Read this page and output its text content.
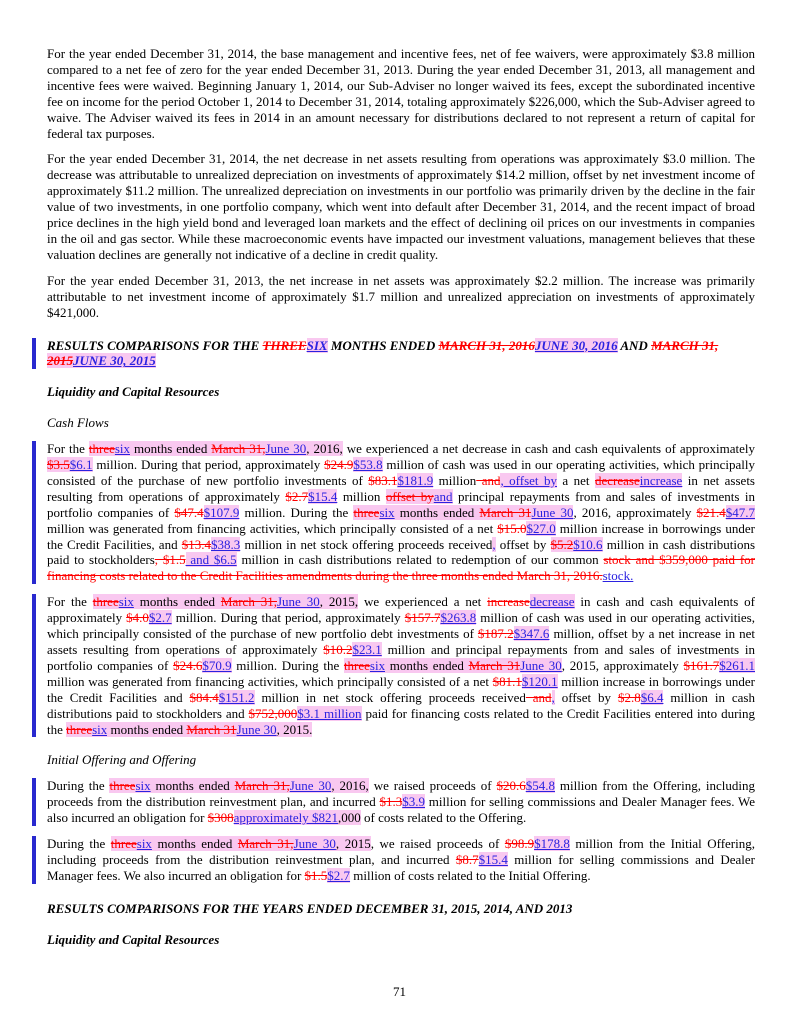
For the year ended December 31, 2014, the base management and incentive fees, net of fee waivers, were approximately $3.8 million compared to a net fee of zero for the year ended December 31, 2013. During the year ended December 31, 2013, all management and incentive fees were waived. Beginning January 1, 2014, our Sub-Adviser no longer waived its fees, except the subordinated incentive fee on income for the period October 1, 2014 to December 31, 2014, totaling approximately $226,000, which the Sub-Adviser agreed to waive. The Adviser waived its fees in 2014 in an amount necessary for distributions declared to not represent a return of capital for federal tax purposes.

For the year ended December 31, 2014, the net decrease in net assets resulting from operations was approximately $3.0 million. The decrease was attributable to unrealized depreciation on investments of approximately $14.2 million, offset by net investment income of approximately $11.2 million. The unrealized depreciation on investments in our portfolio was primarily driven by the decline in the fair value of two investments, in one portfolio company, which went into default after December 31, 2014, and the recent impact of broad price declines in the high yield bond and leveraged loan markets and the effect of declining oil prices on our investments in companies in the oil and gas sector. While these macroeconomic events have impacted our investment valuations, management believes that these valuation declines are generally not indicative of a decline in credit quality.

For the year ended December 31, 2013, the net increase in net assets was approximately $2.2 million. The increase was primarily attributable to net investment income of approximately $1.7 million and unrealized appreciation on investments of approximately $421,000.

RESULTS COMPARISONS FOR THE THREESIX MONTHS ENDED MARCH 31, 2016JUNE 30, 2016 AND MARCH 31, 2015JUNE 30, 2015

Liquidity and Capital Resources

Cash Flows

For the threesix months ended March 31,June 30, 2016, we experienced a net decrease in cash and cash equivalents of approximately $3.5$6.1 million. During that period, approximately $24.9$53.8 million of cash was used in our operating activities, which principally consisted of the purchase of new portfolio investments of $83.1$181.9 million and, offset by a net decreaseincrease in net assets resulting from operations of approximately $2.7$15.4 million offset byand principal repayments from and sales of investments in portfolio companies of $47.4$107.9 million. During the threesix months ended March 31June 30, 2016, approximately $21.4$47.7 million was generated from financing activities, which principally consisted of a net $15.0$27.0 million increase in borrowings under the Credit Facilities, and $13.4$38.3 million in net stock offering proceeds received, offset by $5.2$10.6 million in cash distributions paid to stockholders, $1.5 and $6.5 million in cash distributions related to redemption of our common stock and $359,000 paid for financing costs related to the Credit Facilities amendments during the three months ended March 31, 2016.stock.

For the threesix months ended March 31,June 30, 2015, we experienced a net increasedecrease in cash and cash equivalents of approximately $4.0$2.7 million. During that period, approximately $157.7$263.8 million of cash was used in our operating activities, which principally consisted of the purchase of new portfolio debt investments of $187.2$347.6 million, offset by a net increase in net assets resulting from operations of approximately $10.2$23.1 million and principal repayments from and sales of investments in portfolio companies of $24.6$70.9 million. During the threesix months ended March 31June 30, 2015, approximately $161.7$261.1 million was generated from financing activities, which principally consisted of a net $81.1$120.1 million increase in borrowings under the Credit Facilities and $84.4$151.2 million in net stock offering proceeds received and, offset by $2.8$6.4 million in cash distributions paid to stockholders and $752,000$3.1 million paid for financing costs related to the Credit Facilities entered into during the threesix months ended March 31June 30, 2015.

Initial Offering and Offering

During the threesix months ended March 31,June 30, 2016, we raised proceeds of $20.6$54.8 million from the Offering, including proceeds from the distribution reinvestment plan, and incurred $1.3$3.9 million for selling commissions and Dealer Manager fees. We also incurred an obligation for $308approximately $821,000 of costs related to the Offering.

During the threesix months ended March 31,June 30, 2015, we raised proceeds of $98.9$178.8 million from the Initial Offering, including proceeds from the distribution reinvestment plan, and incurred $8.7$15.4 million for selling commissions and Dealer Manager fees. We also incurred an obligation for $1.5$2.7 million of costs related to the Initial Offering.

RESULTS COMPARISONS FOR THE YEARS ENDED DECEMBER 31, 2015, 2014, AND 2013

Liquidity and Capital Resources

71
